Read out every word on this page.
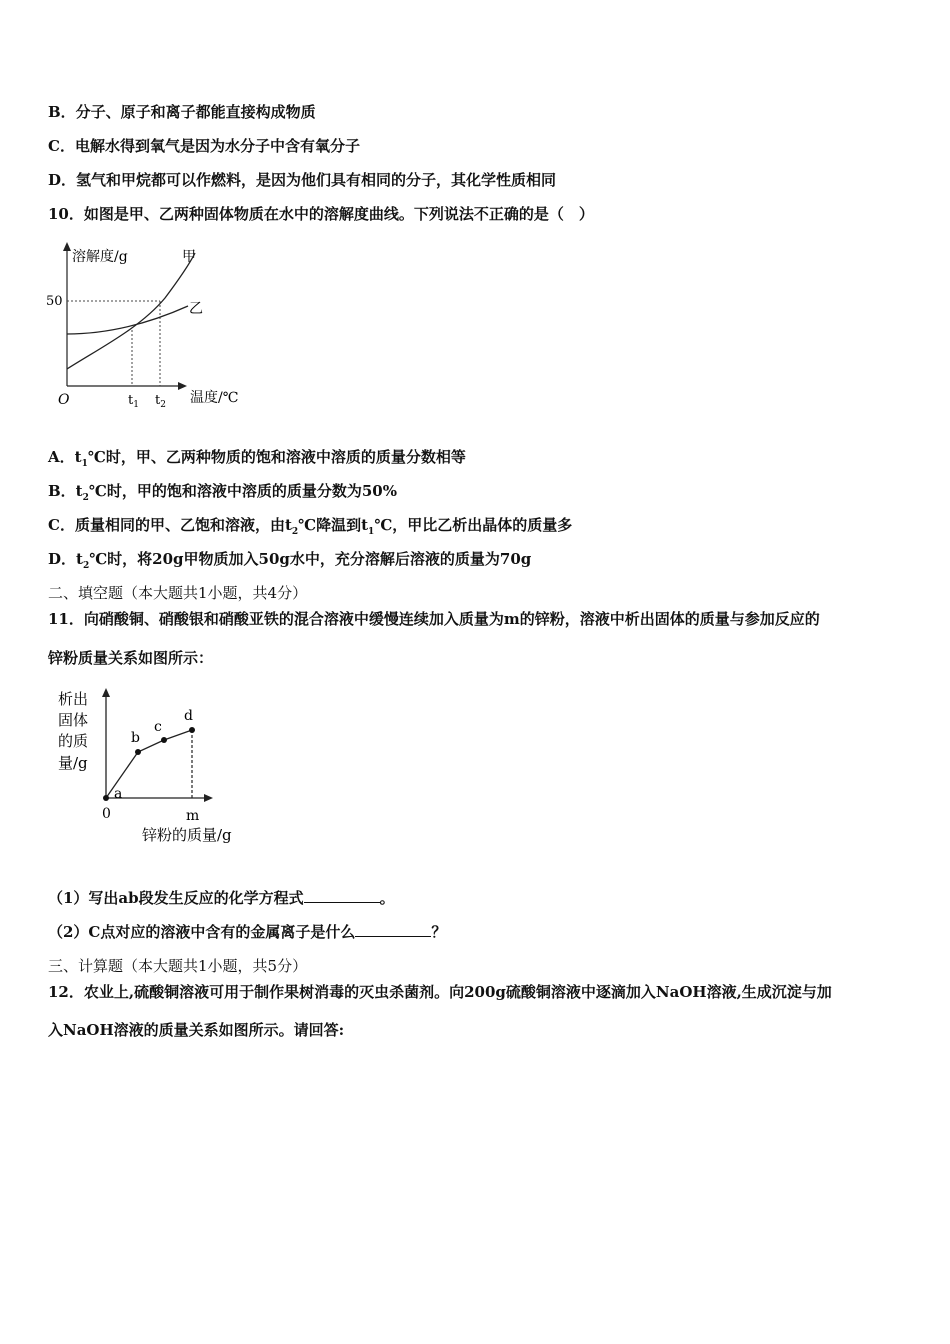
B．分子、原子和离子都能直接构成物质
C．电解水得到氧气是因为水分子中含有氧分子
D．氢气和甲烷都可以作燃料，是因为他们具有相同的分子，其化学性质相同
10．如图是甲、乙两种固体物质在水中的溶解度曲线。下列说法不正确的是（　）
溶解度/g
温度/℃
O
50
$t_1$ $t_2$
甲
乙
A．$t_1℃$时，甲、乙两种物质的饱和溶液中溶质的质量分数相等
B．$t_2℃$时，甲的饱和溶液中溶质的质量分数为50%
C．质量相同的甲、乙饱和溶液，由$t_2℃$降温到$t_1℃$，甲比乙析出晶体的质量多
D．$t_2℃$时，将20g甲物质加入50g水中，充分溶解后溶液的质量为70g
二、填空题（本大题共1小题，共4分）
11．向硝酸铜、硝酸银和硝酸亚铁的混合溶液中缓慢连续加入质量为m的锌粉，溶液中析出固体的质量与参加反应的
锌粉质量关系如图所示：
析出
固体
的质
量/g
0	m
锌粉的质量/g
a
b
c
d
（1）写出ab段发生反应的化学方程式	。
（2）C点对应的溶液中含有的金属离子是什么	？
三、计算题（本大题共1小题，共5分）
12．农业上,硫酸铜溶液可用于制作果树消毒的灭虫杀菌剂。向200g硫酸铜溶液中逐滴加入NaOH溶液,生成沉淀与加
入NaOH溶液的质量关系如图所示。请回答:
